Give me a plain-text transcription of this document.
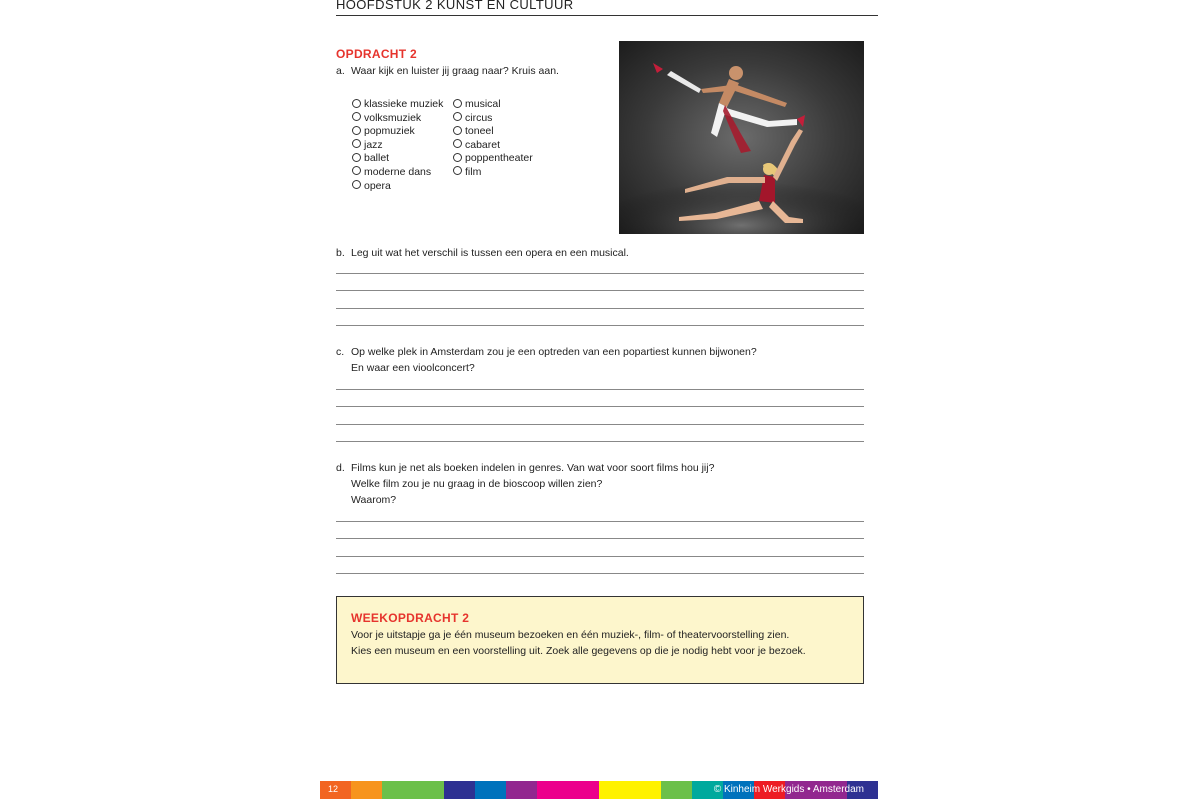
HOOFDSTUK 2 KUNST EN CULTUUR
OPDRACHT 2
a. Waar kijk en luister jij graag naar? Kruis aan.
klassieke muziek
volksmuziek
popmuziek
jazz
ballet
moderne dans
opera
musical
circus
toneel
cabaret
poppentheater
film
b. Leg uit wat het verschil is tussen een opera en een musical.
c. Op welke plek in Amsterdam zou je een optreden van een popartiest kunnen bijwonen?
En waar een vioolconcert?
d. Films kun je net als boeken indelen in genres. Van wat voor soort films hou jij?
Welke film zou je nu graag in de bioscoop willen zien?
Waarom?
WEEKOPDRACHT 2
Voor je uitstapje ga je één museum bezoeken en één muziek-, film- of theatervoorstelling zien.
Kies een museum en een voorstelling uit. Zoek alle gegevens op die je nodig hebt voor je bezoek.
12	© Kinheim Werkgids • Amsterdam
